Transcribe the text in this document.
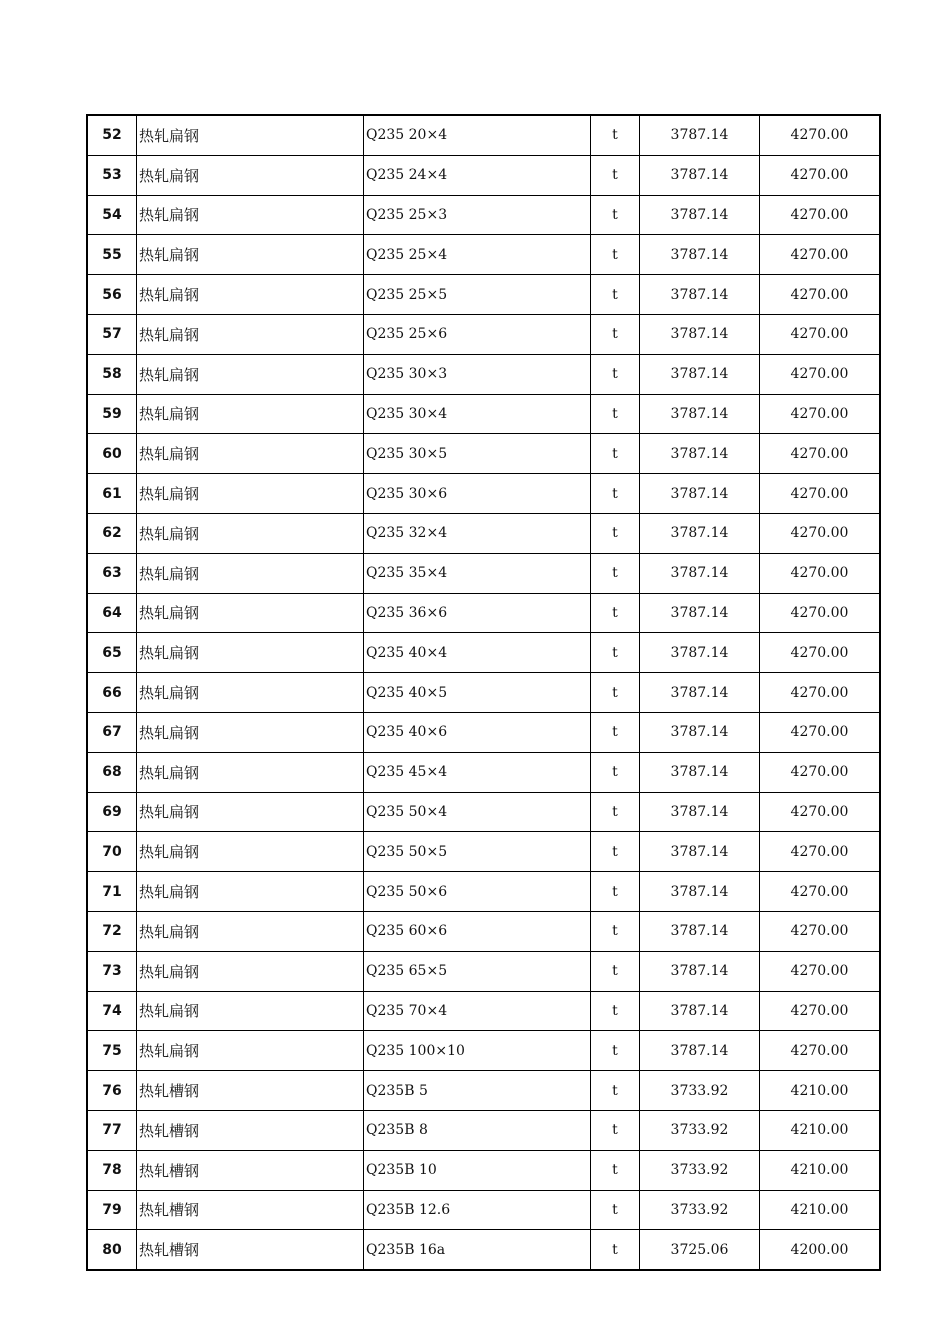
52	热轧扁钢	Q235 20×4	t	3787.14	4270.00
53	热轧扁钢	Q235 24×4	t	3787.14	4270.00
54	热轧扁钢	Q235 25×3	t	3787.14	4270.00
55	热轧扁钢	Q235 25×4	t	3787.14	4270.00
56	热轧扁钢	Q235 25×5	t	3787.14	4270.00
57	热轧扁钢	Q235 25×6	t	3787.14	4270.00
58	热轧扁钢	Q235 30×3	t	3787.14	4270.00
59	热轧扁钢	Q235 30×4	t	3787.14	4270.00
60	热轧扁钢	Q235 30×5	t	3787.14	4270.00
61	热轧扁钢	Q235 30×6	t	3787.14	4270.00
62	热轧扁钢	Q235 32×4	t	3787.14	4270.00
63	热轧扁钢	Q235 35×4	t	3787.14	4270.00
64	热轧扁钢	Q235 36×6	t	3787.14	4270.00
65	热轧扁钢	Q235 40×4	t	3787.14	4270.00
66	热轧扁钢	Q235 40×5	t	3787.14	4270.00
67	热轧扁钢	Q235 40×6	t	3787.14	4270.00
68	热轧扁钢	Q235 45×4	t	3787.14	4270.00
69	热轧扁钢	Q235 50×4	t	3787.14	4270.00
70	热轧扁钢	Q235 50×5	t	3787.14	4270.00
71	热轧扁钢	Q235 50×6	t	3787.14	4270.00
72	热轧扁钢	Q235 60×6	t	3787.14	4270.00
73	热轧扁钢	Q235 65×5	t	3787.14	4270.00
74	热轧扁钢	Q235 70×4	t	3787.14	4270.00
75	热轧扁钢	Q235 100×10	t	3787.14	4270.00
76	热轧槽钢	Q235B 5	t	3733.92	4210.00
77	热轧槽钢	Q235B 8	t	3733.92	4210.00
78	热轧槽钢	Q235B 10	t	3733.92	4210.00
79	热轧槽钢	Q235B 12.6	t	3733.92	4210.00
80	热轧槽钢	Q235B 16a	t	3725.06	4200.00
